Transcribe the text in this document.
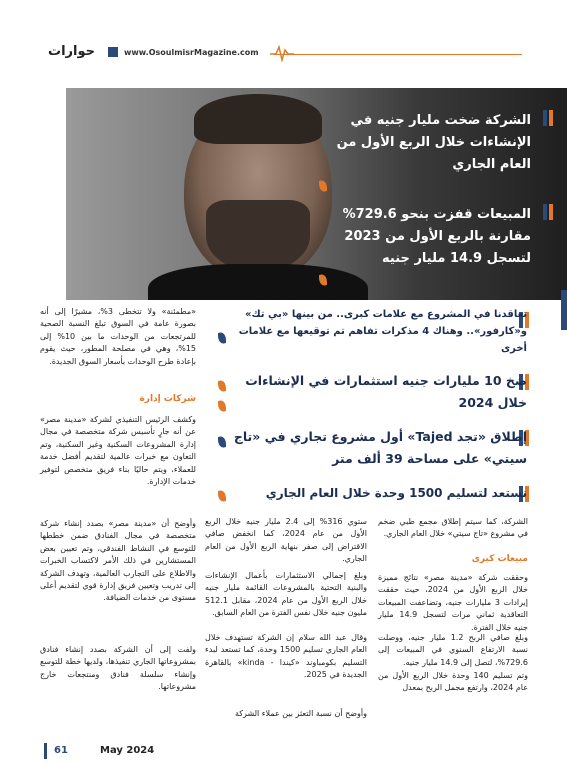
حوارات	www.OsoulmisrMagazine.com
الشركة ضخت مليار جنيه في الإنشاءات خلال الربع الأول من العام الجاري
المبيعات قفزت بنحو 729.6% مقارنة بالربع الأول من 2023 لتسجل 14.9 مليار جنيه
تعاقدنا في المشروع مع علامات كبرى.. من بينها «بي تك» و«كارفور».. وهناك 4 مذكرات تفاهم تم توقيعها مع علامات أخرى
ضخ 10 مليارات جنيه استثمارات في الإنشاءات خلال 2024
إطلاق «تجد Tajed» أول مشروع تجاري في «تاج سيتي» على مساحة 39 ألف متر
نستعد لتسليم 1500 وحدة خلال العام الجاري
«مطمئنة» ولا تتخطى 3%، مشيرًا إلى أنه بصورة عامة في السوق تبلغ النسبة الصحية للمرتجعات من الوحدات ما بين 10% إلى 15%، وهي في مصلحة المطور، حيث يقوم بإعادة طرح الوحدات بأسعار السوق الجديدة.
شركات إدارة
وكشف الرئيس التنفيذي لشركة «مدينة مصر» عن أنه جارٍ تأسيس شركة متخصصة في مجال إدارة المشروعات السكنية وغير السكنية، وتم التعاون مع خبرات عالمية لتقديم أفضل خدمة للعملاء، ويتم حاليًا بناء فريق متخصص لتوفير خدمات الإدارة.
وأوضح أن «مدينة مصر» بصدد إنشاء شركة متخصصة في مجال الفنادق ضمن خططها للتوسع في النشاط الفندقي، وتم تعيين بعض المستشارين في ذلك الأمر لاكتساب الخبرات والاطلاع على التجارب العالمية، وتهدف الشركة إلى تدريب وتعيين فريق إدارة قوي لتقديم أعلى مستوى من خدمات الضيافة.
ولفت إلى أن الشركة بصدد إنشاء فنادق بمشروعاتها الجاري تنفيذها، ولديها خطة للتوسع وإنشاء سلسلة فنادق ومنتجعات خارج مشروعاتها.
ستوي 316% إلى 2.4 مليار جنيه خلال الربع الأول من عام 2024، كما انخفض صافي الاقتراض إلى صفر بنهاية الربع الأول من العام الجاري.
وبلغ إجمالي الاستثمارات بأعمال الإنشاءات والبنية التحتية بالمشروعات القائمة مليار جنيه خلال الربع الأول من عام 2024، مقابل 512.1 مليون جنيه خلال نفس الفترة من العام السابق.
وقال عبد الله سلام إن الشركة تستهدف خلال العام الجاري تسليم 1500 وحدة، كما تستعد لبدء التسليم بكومباوند «كيندا - kinda» بالقاهرة الجديدة في 2025.
وأوضح أن نسبة التعثر بين عملاء الشركة
الشركة، كما سيتم إطلاق مجمع طبي ضخم في مشروع «تاج سيتي» خلال العام الجاري.
مبيعات كبرى
وحققت شركة «مدينة مصر» نتائج مميزة خلال الربع الأول من 2024، حيث حققت إيرادات 3 مليارات جنيه، وتضاعفت المبيعات التعاقدية ثماني مرات لتسجل 14.9 مليار جنيه خلال الفترة.
وبلغ صافي الربح 1.2 مليار جنيه، ووصلت نسبة الارتفاع السنوي في المبيعات إلى 729.6%، لتصل إلى 14.9 مليار جنيه.
وتم تسليم 140 وحدة خلال الربع الأول من عام 2024، وارتفع مجمل الربح بمعدل
61	May 2024
